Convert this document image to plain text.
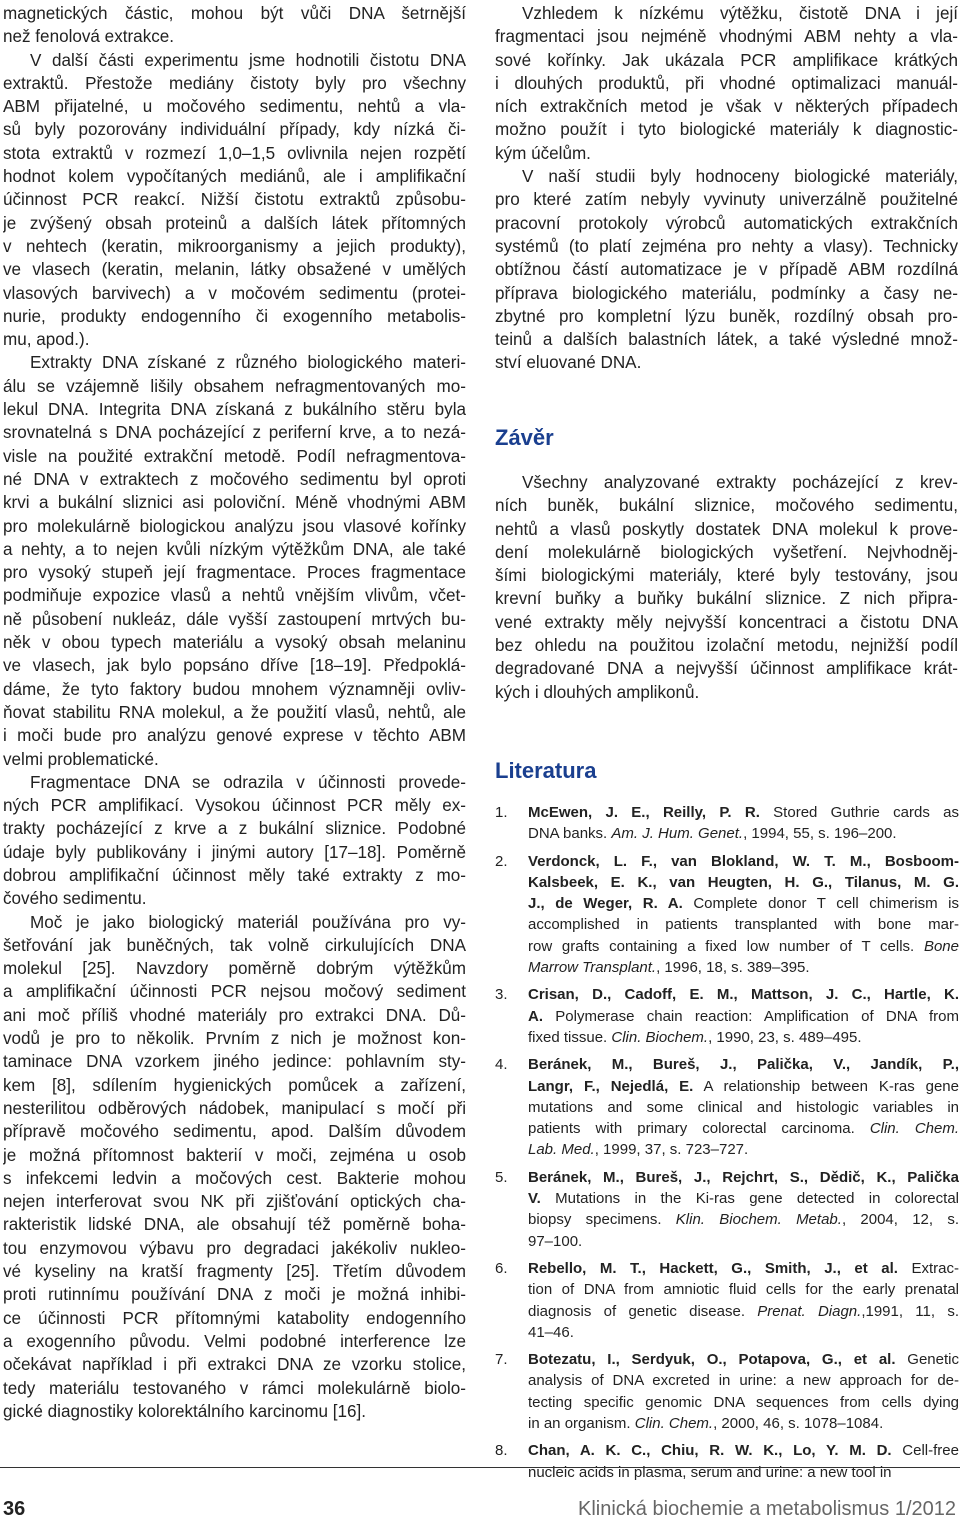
magnetických částic, mohou být vůči DNA šetrnější
než fenolová extrakce.
V další části experimentu jsme hodnotili čistotu DNA
extraktů. Přestože mediány čistoty byly pro všechny
ABM přijatelné, u močového sedimentu, nehtů a vla-
sů byly pozorovány individuální případy, kdy nízká či-
stota extraktů v rozmezí 1,0–1,5 ovlivnila nejen rozpětí
hodnot kolem vypočítaných mediánů, ale i amplifikační
účinnost PCR reakcí. Nižší čistotu extraktů způsobu-
je zvýšený obsah proteinů a dalších látek přítomných
v nehtech (keratin, mikroorganismy a jejich produkty),
ve vlasech (keratin, melanin, látky obsažené v umělých
vlasových barvivech) a v močovém sedimentu (protei-
nurie, produkty endogenního či exogenního metabolis-
mu, apod.).
Extrakty DNA získané z různého biologického materi-
álu se vzájemně lišily obsahem nefragmentovaných mo-
lekul DNA. Integrita DNA získaná z bukálního stěru byla
srovnatelná s DNA pocházející z periferní krve, a to nezá-
visle na použité extrakční metodě. Podíl nefragmentova-
né DNA v extraktech z močového sedimentu byl oproti
krvi a bukální sliznici asi poloviční. Méně vhodnými ABM
pro molekulárně biologickou analýzu jsou vlasové kořínky
a nehty, a to nejen kvůli nízkým výtěžkům DNA, ale také
pro vysoký stupeň její fragmentace. Proces fragmentace
podmiňuje expozice vlasů a nehtů vnějším vlivům, včet-
ně působení nukleáz, dále vyšší zastoupení mrtvých bu-
něk v obou typech materiálu a vysoký obsah melaninu
ve vlasech, jak bylo popsáno dříve [18–19]. Předpoklá-
dáme, že tyto faktory budou mnohem významněji ovliv-
ňovat stabilitu RNA molekul, a že použití vlasů, nehtů, ale
i moči bude pro analýzu genové exprese v těchto ABM
velmi problematické.
Fragmentace DNA se odrazila v účinnosti provede-
ných PCR amplifikací. Vysokou účinnost PCR měly ex-
trakty pocházející z krve a z bukální sliznice. Podobné
údaje byly publikovány i jinými autory [17–18]. Poměrně
dobrou amplifikační účinnost měly také extrakty z mo-
čového sedimentu.
Moč je jako biologický materiál používána pro vy-
šetřování jak buněčných, tak volně cirkulujících DNA
molekul [25]. Navzdory poměrně dobrým výtěžkům
a amplifikační účinnosti PCR nejsou močový sediment
ani moč příliš vhodné materiály pro extrakci DNA. Dů-
vodů je pro to několik. Prvním z nich je možnost kon-
taminace DNA vzorkem jiného jedince: pohlavním sty-
kem [8], sdílením hygienických pomůcek a zařízení,
nesterilitou odběrových nádobek, manipulací s močí při
přípravě močového sedimentu, apod. Dalším důvodem
je možná přítomnost bakterií v moči, zejména u osob
s infekcemi ledvin a močových cest. Bakterie mohou
nejen interferovat svou NK při zjišťování optických cha-
rakteristik lidské DNA, ale obsahují též poměrně boha-
tou enzymovou výbavu pro degradaci jakékoliv nukleo-
vé kyseliny na kratší fragmenty [25]. Třetím důvodem
proti rutinnímu používání DNA z moči je možná inhibi-
ce účinnosti PCR přítomnými katabolity endogenního
a exogenního původu. Velmi podobné interference lze
očekávat například i při extrakci DNA ze vzorku stolice,
tedy materiálu testovaného v rámci molekulárně biolo-
gické diagnostiky kolorektálního karcinomu [16].
Vzhledem k nízkému výtěžku, čistotě DNA i její
fragmentaci jsou nejméně vhodnými ABM nehty a vla-
sové kořínky. Jak ukázala PCR amplifikace krátkých
i dlouhých produktů, při vhodné optimalizaci manuál-
ních extrakčních metod je však v některých případech
možno použít i tyto biologické materiály k diagnostic-
kým účelům.
V naší studii byly hodnoceny biologické materiály,
pro které zatím nebyly vyvinuty univerzálně použitelné
pracovní protokoly výrobců automatických extrakčních
systémů (to platí zejména pro nehty a vlasy). Technicky
obtížnou částí automatizace je v případě ABM rozdílná
příprava biologického materiálu, podmínky a časy ne-
zbytné pro kompletní lýzu buněk, rozdílný obsah pro-
teinů a dalších balastních látek, a také výsledné množ-
ství eluované DNA.
Závěr
Všechny analyzované extrakty pocházející z krev-
ních buněk, bukální sliznice, močového sedimentu,
nehtů a vlasů poskytly dostatek DNA molekul k prove-
dení molekulárně biologických vyšetření. Nejvhodněj-
šími biologickými materiály, které byly testovány, jsou
krevní buňky a buňky bukální sliznice. Z nich připra-
vené extrakty měly nejvyšší koncentraci a čistotu DNA
bez ohledu na použitou izolační metodu, nejnižší podíl
degradované DNA a nejvyšší účinnost amplifikace krát-
kých i dlouhých amplikonů.
Literatura
1.	McEwen, J. E., Reilly, P. R. Stored Guthrie cards as
DNA banks. Am. J. Hum. Genet., 1994, 55, s. 196–200.
2.	Verdonck, L. F., van Blokland, W. T. M., Bosboom-
Kalsbeek, E. K., van Heugten, H. G., Tilanus, M. G.
J., de Weger, R. A. Complete donor T cell chimerism is
accomplished in patients transplanted with bone mar-
row grafts containing a fixed low number of T cells. Bone
Marrow Transplant., 1996, 18, s. 389–395.
3.	Crisan, D., Cadoff, E. M., Mattson, J. C., Hartle, K.
A. Polymerase chain reaction: Amplification of DNA from
fixed tissue. Clin. Biochem., 1990, 23, s. 489–495.
4.	Beránek, M., Bureš, J., Palička, V., Jandík, P.,
Langr, F., Nejedlá, E. A relationship between K-ras gene
mutations and some clinical and histologic variables in
patients with primary colorectal carcinoma. Clin. Chem.
Lab. Med., 1999, 37, s. 723–727.
5.	Beránek, M., Bureš, J., Rejchrt, S., Dědič, K., Palička
V. Mutations in the Ki-ras gene detected in colorectal
biopsy specimens. Klin. Biochem. Metab., 2004, 12, s.
97–100.
6.	Rebello, M. T., Hackett, G., Smith, J., et al. Extrac-
tion of DNA from amniotic fluid cells for the early prenatal
diagnosis of genetic disease. Prenat. Diagn.,1991, 11, s.
41–46.
7.	Botezatu, I., Serdyuk, O., Potapova, G., et al. Genetic
analysis of DNA excreted in urine: a new approach for de-
tecting specific genomic DNA sequences from cells dying
in an organism. Clin. Chem., 2000, 46, s. 1078–1084.
8.	Chan, A. K. C., Chiu, R. W. K., Lo, Y. M. D. Cell-free
nucleic acids in plasma, serum and urine: a new tool in
36	Klinická biochemie a metabolismus 1/2012
